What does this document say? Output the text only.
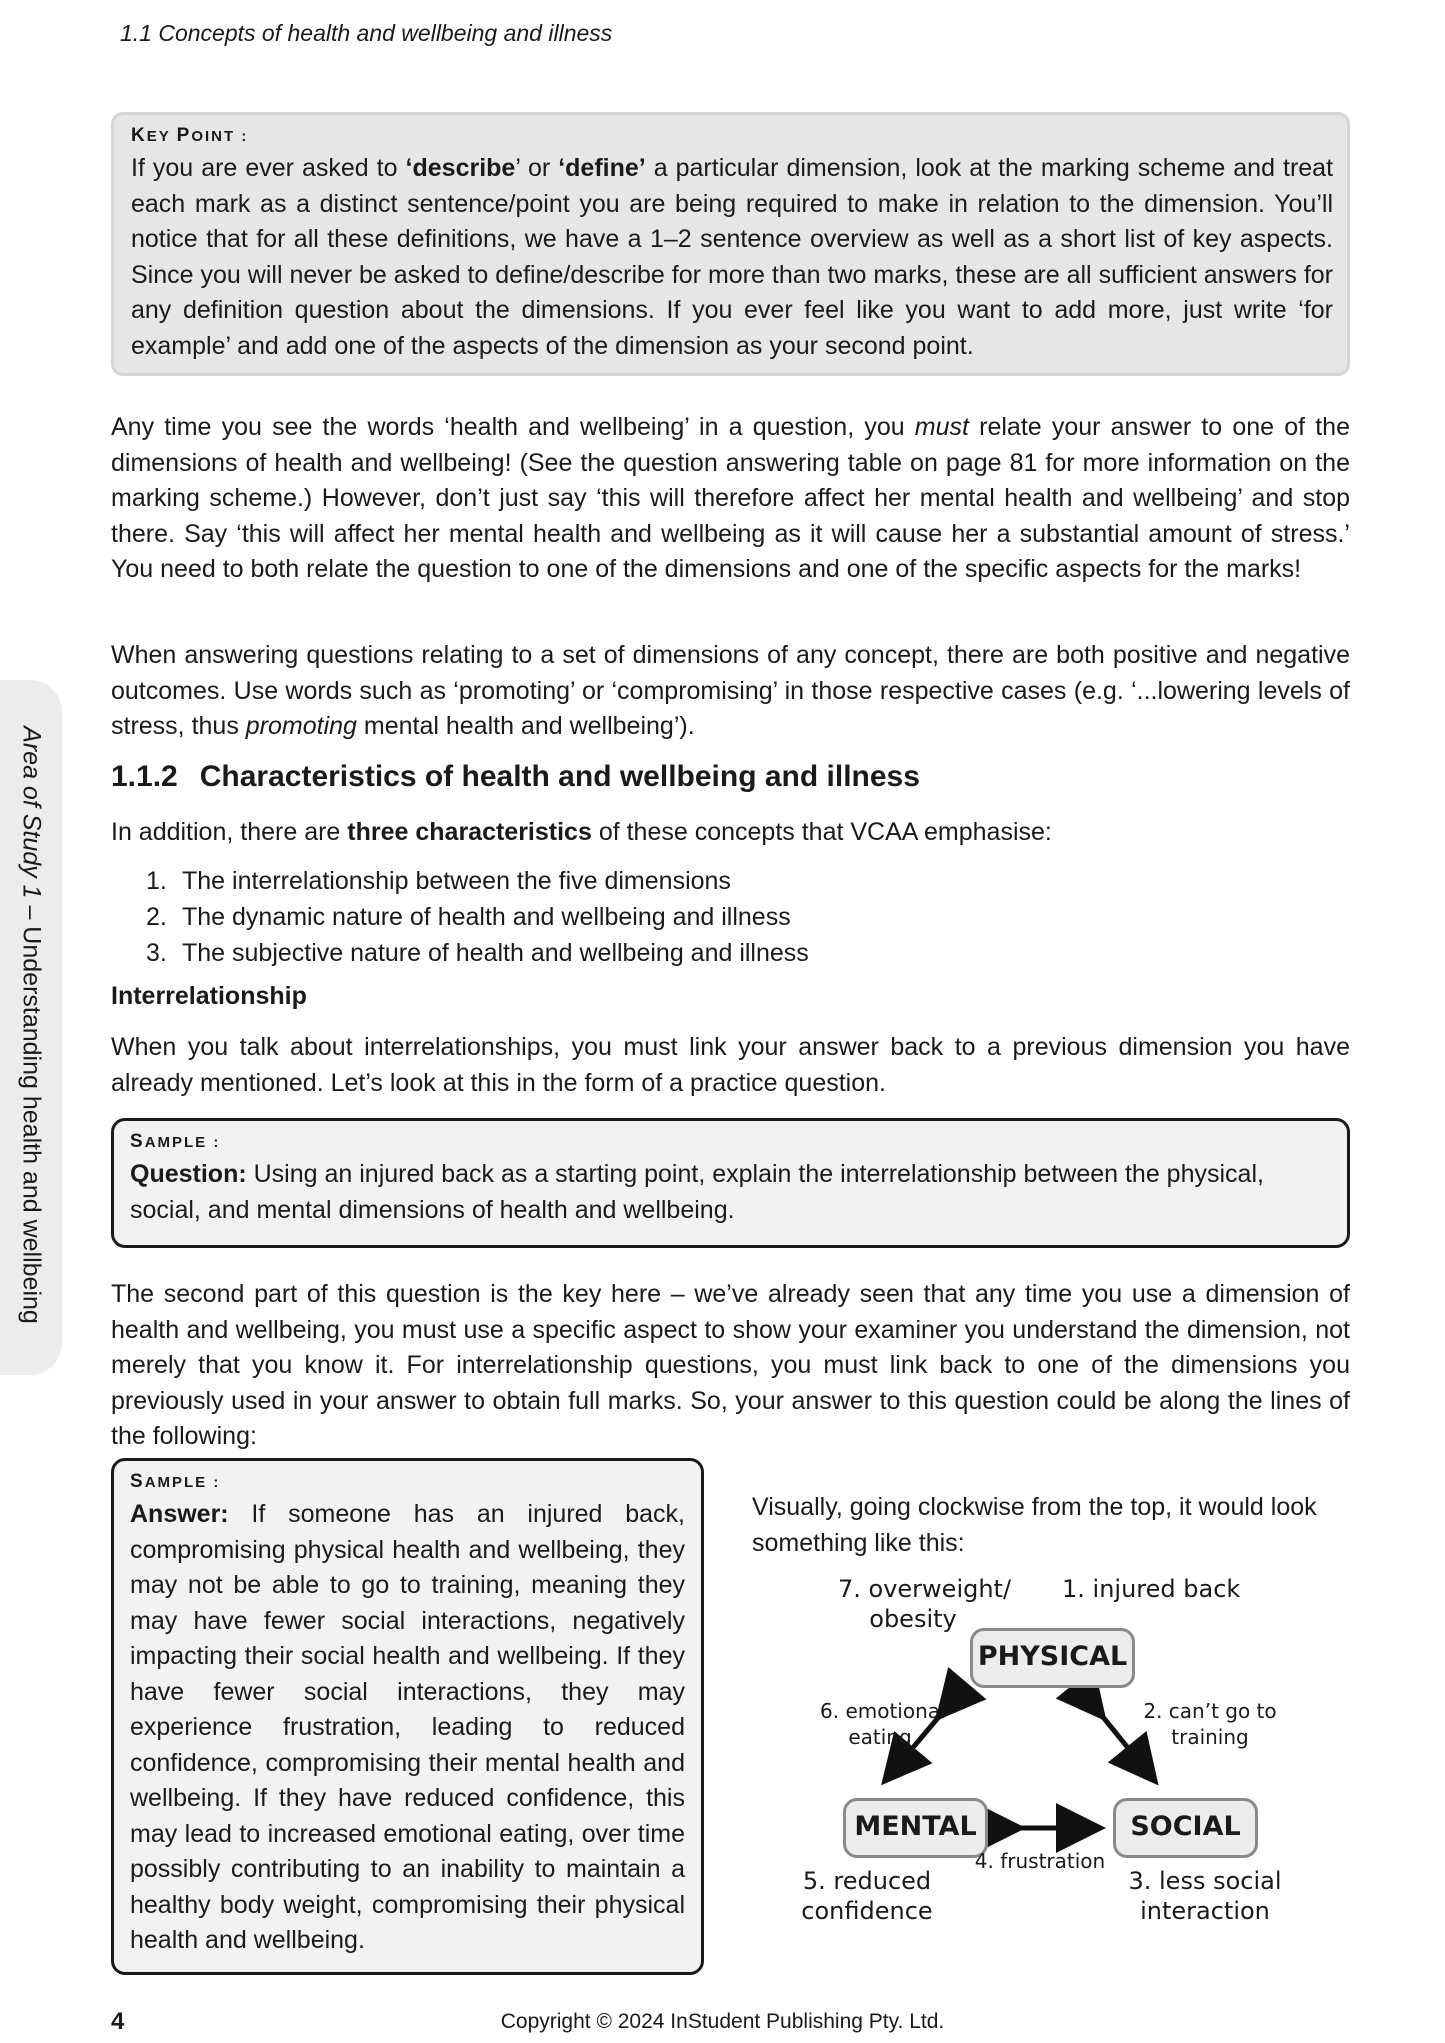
1.1 Concepts of health and wellbeing and illness
Area of Study 1 – Understanding health and wellbeing
KEY POINT :

If you are ever asked to ‘describe’ or ‘define’ a particular dimension, look at the marking scheme and treat each mark as a distinct sentence/point you are being required to make in relation to the dimension. You’ll notice that for all these definitions, we have a 1–2 sentence overview as well as a short list of key aspects. Since you will never be asked to define/describe for more than two marks, these are all sufficient answers for any definition question about the dimensions. If you ever feel like you want to add more, just write ‘for example’ and add one of the aspects of the dimension as your second point.

Any time you see the words ‘health and wellbeing’ in a question, you must relate your answer to one of the dimensions of health and wellbeing! (See the question answering table on page 81 for more information on the marking scheme.) However, don’t just say ‘this will therefore affect her mental health and wellbeing’ and stop there. Say ‘this will affect her mental health and wellbeing as it will cause her a substantial amount of stress.’ You need to both relate the question to one of the dimensions and one of the specific aspects for the marks!

When answering questions relating to a set of dimensions of any concept, there are both positive and negative outcomes. Use words such as ‘promoting’ or ‘compromising’ in those respective cases (e.g. ‘...lowering levels of stress, thus promoting mental health and wellbeing’).

1.1.2 Characteristics of health and wellbeing and illness

In addition, there are three characteristics of these concepts that VCAA emphasise:

1. The interrelationship between the five dimensions
2. The dynamic nature of health and wellbeing and illness
3. The subjective nature of health and wellbeing and illness
Interrelationship

When you talk about interrelationships, you must link your answer back to a previous dimension you have already mentioned. Let’s look at this in the form of a practice question.

SAMPLE :

Question: Using an injured back as a starting point, explain the interrelationship between the physical, social, and mental dimensions of health and wellbeing.

The second part of this question is the key here – we’ve already seen that any time you use a dimension of health and wellbeing, you must use a specific aspect to show your examiner you understand the dimension, not merely that you know it. For interrelationship questions, you must link back to one of the dimensions you previously used in your answer to obtain full marks. So, your answer to this question could be along the lines of the following:

SAMPLE :

Answer: If someone has an injured back, compromising physical health and wellbeing, they may not be able to go to training, meaning they may have fewer social interactions, negatively impacting their social health and wellbeing. If they have fewer social interactions, they may experience frustration, leading to reduced confidence, compromising their mental health and wellbeing. If they have reduced confidence, this may lead to increased emotional eating, over time possibly contributing to an inability to maintain a healthy body weight, compromising their physical health and wellbeing.

Visually, going clockwise from the top, it would look something like this:

PHYSICAL
MENTAL	SOCIAL
7. overweight/
obesity
1. injured back
6. emotional
eating
2. can’t go to
training
4. frustration
5. reduced
confidence
3. less social
interaction
4	Copyright © 2024 InStudent Publishing Pty. Ltd.
